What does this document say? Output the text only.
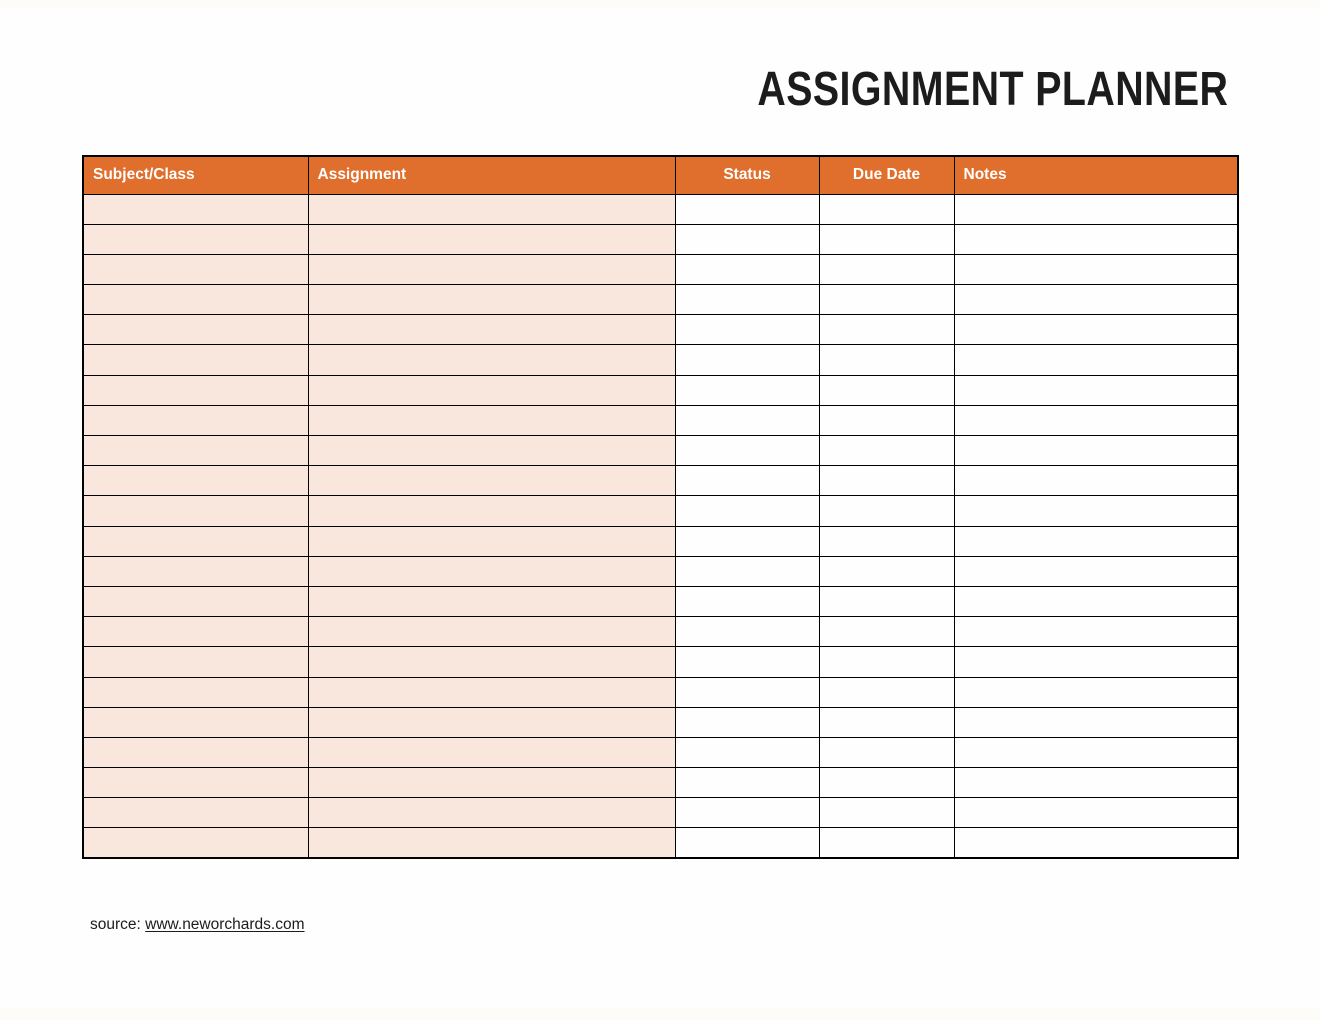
ASSIGNMENT PLANNER
Subject/Class	Assignment	Status	Due Date	Notes

source: www.neworchards.com
